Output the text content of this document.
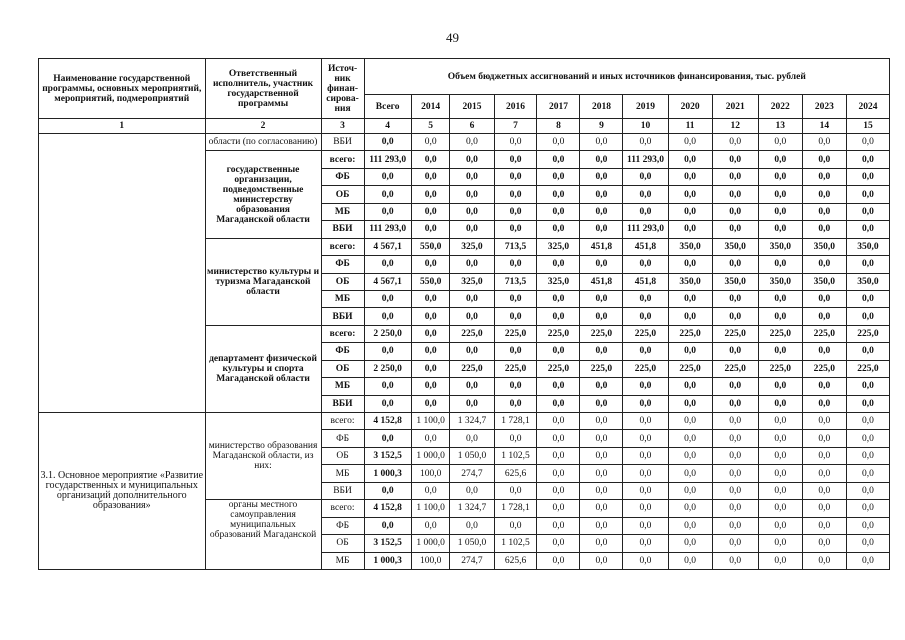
49
Наименование государственной программы, основных мероприятий, мероприятий, подмероприятий	Ответственный исполнитель, участник государственной программы	Источ-ник финан-сирова-ния	Объем бюджетных ассигнований и иных источников финансирования, тыс. рублей											
			Всего	2014	2015	2016	2017	2018	2019	2020	2021	2022	2023	2024
1	2	3	4	5	6	7	8	9	10	11	12	13	14	15
	области (по согласованию)	ВБИ	0,0	0,0	0,0	0,0	0,0	0,0	0,0	0,0	0,0	0,0	0,0	0,0
	государственные организации, подведомственные министерству образования Магаданской области	всего:	111 293,0	0,0	0,0	0,0	0,0	0,0	111 293,0	0,0	0,0	0,0	0,0	0,0
		ФБ	0,0	0,0	0,0	0,0	0,0	0,0	0,0	0,0	0,0	0,0	0,0	0,0
		ОБ	0,0	0,0	0,0	0,0	0,0	0,0	0,0	0,0	0,0	0,0	0,0	0,0
		МБ	0,0	0,0	0,0	0,0	0,0	0,0	0,0	0,0	0,0	0,0	0,0	0,0
		ВБИ	111 293,0	0,0	0,0	0,0	0,0	0,0	111 293,0	0,0	0,0	0,0	0,0	0,0
	министерство культуры и туризма Магаданской области	всего:	4 567,1	550,0	325,0	713,5	325,0	451,8	451,8	350,0	350,0	350,0	350,0	350,0
		ФБ	0,0	0,0	0,0	0,0	0,0	0,0	0,0	0,0	0,0	0,0	0,0	0,0
		ОБ	4 567,1	550,0	325,0	713,5	325,0	451,8	451,8	350,0	350,0	350,0	350,0	350,0
		МБ	0,0	0,0	0,0	0,0	0,0	0,0	0,0	0,0	0,0	0,0	0,0	0,0
		ВБИ	0,0	0,0	0,0	0,0	0,0	0,0	0,0	0,0	0,0	0,0	0,0	0,0
	департамент физической культуры и спорта Магаданской области	всего:	2 250,0	0,0	225,0	225,0	225,0	225,0	225,0	225,0	225,0	225,0	225,0	225,0
		ФБ	0,0	0,0	0,0	0,0	0,0	0,0	0,0	0,0	0,0	0,0	0,0	0,0
		ОБ	2 250,0	0,0	225,0	225,0	225,0	225,0	225,0	225,0	225,0	225,0	225,0	225,0
		МБ	0,0	0,0	0,0	0,0	0,0	0,0	0,0	0,0	0,0	0,0	0,0	0,0
		ВБИ	0,0	0,0	0,0	0,0	0,0	0,0	0,0	0,0	0,0	0,0	0,0	0,0
3.1. Основное мероприятие «Развитие государственных и муниципальных организаций дополнительного образования»	министерство образования Магаданской области, из них:	всего:	4 152,8	1 100,0	1 324,7	1 728,1	0,0	0,0	0,0	0,0	0,0	0,0	0,0	0,0
		ФБ	0,0	0,0	0,0	0,0	0,0	0,0	0,0	0,0	0,0	0,0	0,0	0,0
		ОБ	3 152,5	1 000,0	1 050,0	1 102,5	0,0	0,0	0,0	0,0	0,0	0,0	0,0	0,0
		МБ	1 000,3	100,0	274,7	625,6	0,0	0,0	0,0	0,0	0,0	0,0	0,0	0,0
		ВБИ	0,0	0,0	0,0	0,0	0,0	0,0	0,0	0,0	0,0	0,0	0,0	0,0
	органы местного самоуправления муниципальных образований Магаданской	всего:	4 152,8	1 100,0	1 324,7	1 728,1	0,0	0,0	0,0	0,0	0,0	0,0	0,0	0,0
		ФБ	0,0	0,0	0,0	0,0	0,0	0,0	0,0	0,0	0,0	0,0	0,0	0,0
		ОБ	3 152,5	1 000,0	1 050,0	1 102,5	0,0	0,0	0,0	0,0	0,0	0,0	0,0	0,0
		МБ	1 000,3	100,0	274,7	625,6	0,0	0,0	0,0	0,0	0,0	0,0	0,0	0,0
